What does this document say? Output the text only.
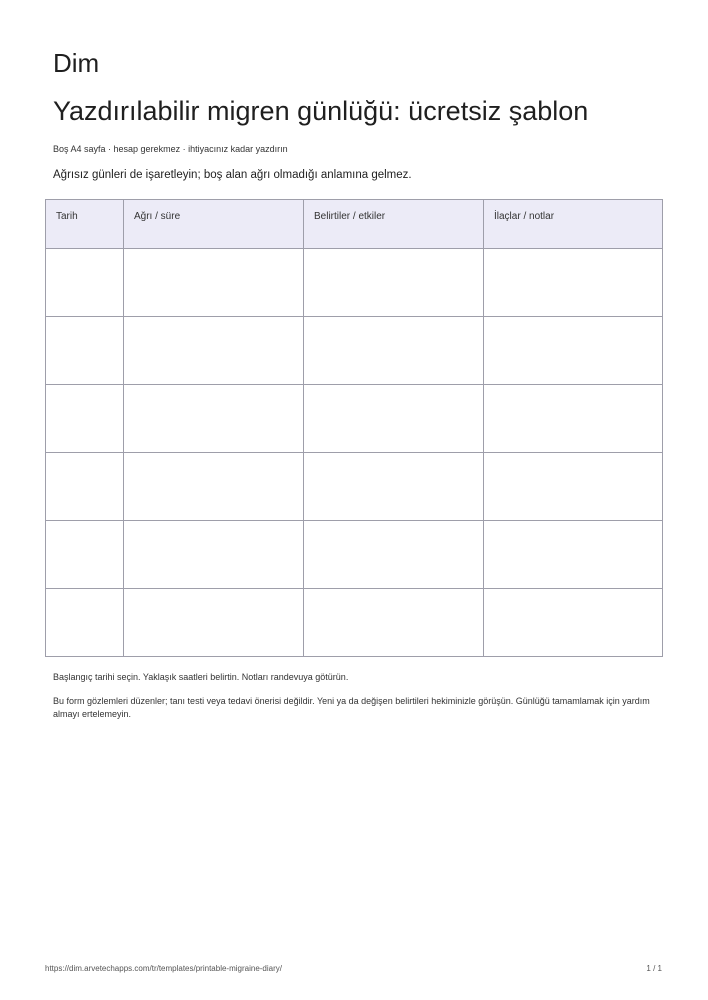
Dim
Yazdırılabilir migren günlüğü: ücretsiz şablon
Boş A4 sayfa · hesap gerekmez · ihtiyacınız kadar yazdırın
Ağrısız günleri de işaretleyin; boş alan ağrı olmadığı anlamına gelmez.
Tarih	Ağrı / süre	Belirtiler / etkiler	İlaçlar / notlar

Başlangıç tarihi seçin. Yaklaşık saatleri belirtin. Notları randevuya götürün.
Bu form gözlemleri düzenler; tanı testi veya tedavi önerisi değildir. Yeni ya da değişen belirtileri hekiminizle görüşün. Günlüğü tamamlamak için yardım almayı ertelemeyin.
https://dim.arvetechapps.com/tr/templates/printable-migraine-diary/	1 / 1
